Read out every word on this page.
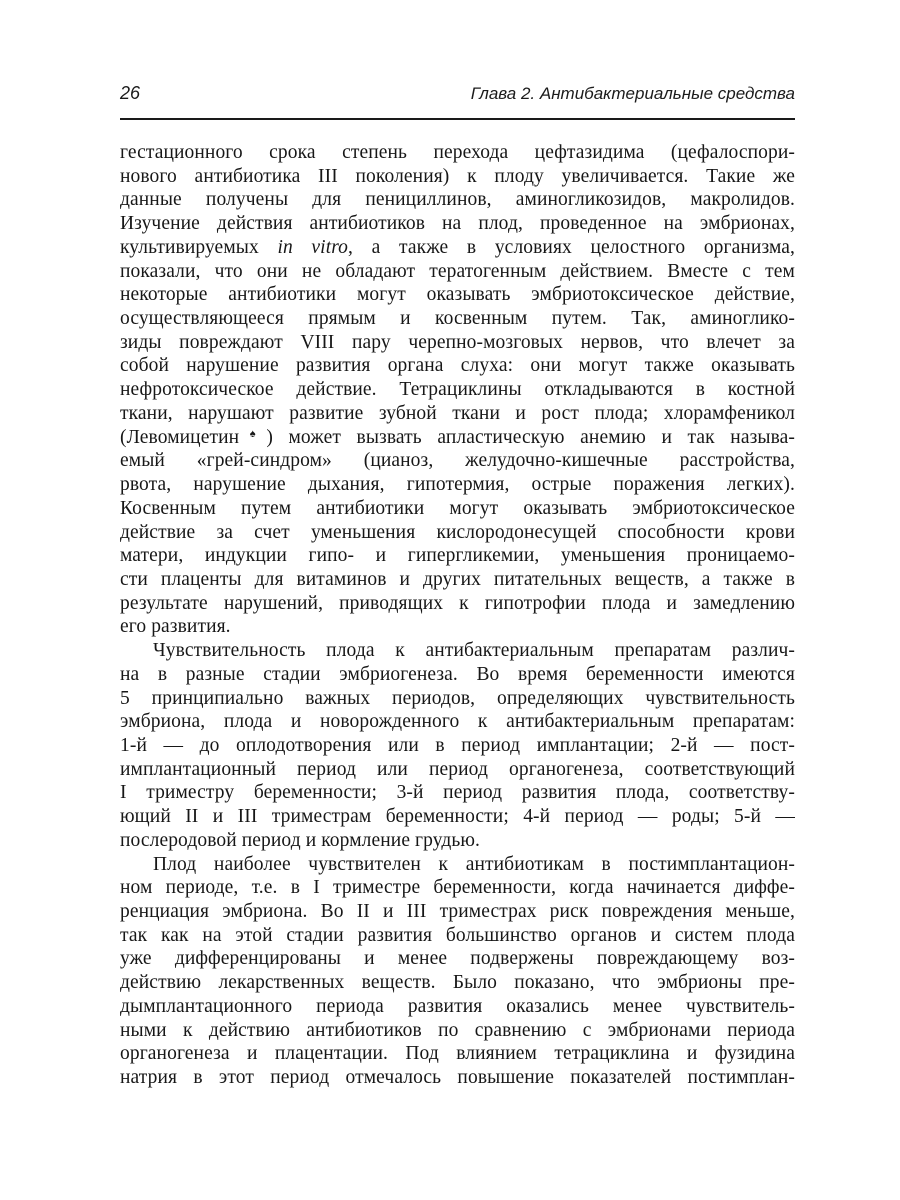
26	Глава 2. Антибактериальные средства
гестационного срока степень перехода цефтазидима (цефалоспори-
нового антибиотика III поколения) к плоду увеличивается. Такие же
данные получены для пенициллинов, аминогликозидов, макролидов.
Изучение действия антибиотиков на плод, проведенное на эмбрионах,
культивируемых in vitro, а также в условиях целостного организма,
показали, что они не обладают тератогенным действием. Вместе с тем
некоторые антибиотики могут оказывать эмбриотоксическое действие,
осуществляющееся прямым и косвенным путем. Так, аминоглико-
зиды повреждают VIII пару черепно-мозговых нервов, что влечет за
собой нарушение развития органа слуха: они могут также оказывать
нефротоксическое действие. Тетрациклины откладываются в костной
ткани, нарушают развитие зубной ткани и рост плода; хлорамфеникол
(Левомицетин♠) может вызвать апластическую анемию и так называ-
емый «грей-синдром» (цианоз, желудочно-кишечные расстройства,
рвота, нарушение дыхания, гипотермия, острые поражения легких).
Косвенным путем антибиотики могут оказывать эмбриотоксическое
действие за счет уменьшения кислородонесущей способности крови
матери, индукции гипо- и гипергликемии, уменьшения проницаемо-
сти плаценты для витаминов и других питательных веществ, а также в
результате нарушений, приводящих к гипотрофии плода и замедлению
его развития.
Чувствительность плода к антибактериальным препаратам различ-
на в разные стадии эмбриогенеза. Во время беременности имеются
5 принципиально важных периодов, определяющих чувствительность
эмбриона, плода и новорожденного к антибактериальным препаратам:
1-й — до оплодотворения или в период имплантации; 2-й — пост-
имплантационный период или период органогенеза, соответствующий
I триместру беременности; 3-й период развития плода, соответству-
ющий II и III триместрам беременности; 4-й период — роды; 5-й —
послеродовой период и кормление грудью.
Плод наиболее чувствителен к антибиотикам в постимплантацион-
ном периоде, т.е. в I триместре беременности, когда начинается диффе-
ренциация эмбриона. Во II и III триместрах риск повреждения меньше,
так как на этой стадии развития большинство органов и систем плода
уже дифференцированы и менее подвержены повреждающему воз-
действию лекарственных веществ. Было показано, что эмбрионы пре-
дымплантационного периода развития оказались менее чувствитель-
ными к действию антибиотиков по сравнению с эмбрионами периода
органогенеза и плацентации. Под влиянием тетрациклина и фузидина
натрия в этот период отмечалось повышение показателей постимплан-
